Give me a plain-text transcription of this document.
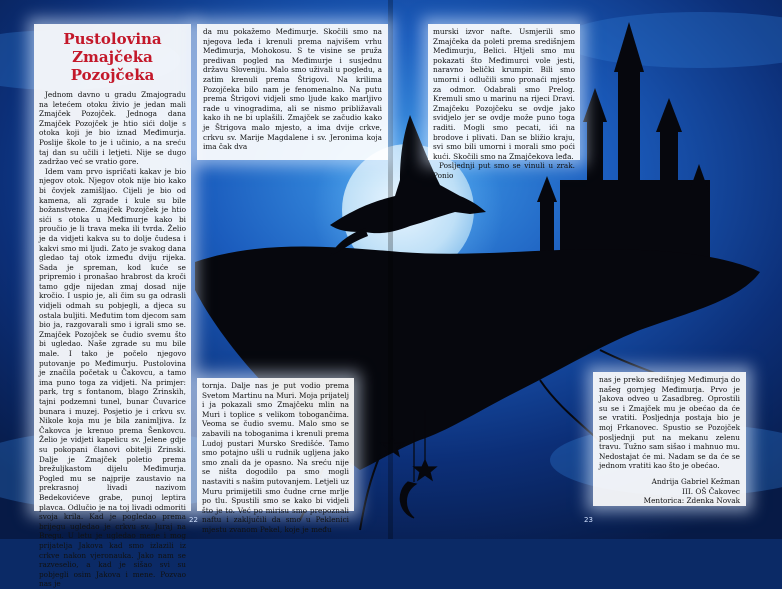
Pustolovina Zmajčeka Pozojčeka

Jednom davno u gradu Zmajogradu na letećem otoku živio je jedan mali Zmajček Pozojček. Jednoga dana Zmajček Pozojček je htio sići dolje s otoka koji je bio iznad Međimurja. Poslije škole to je i učinio, a na sreću taj dan su učili i letjeti. Nije se dugo zadržao već se vratio gore.

Idem vam prvo ispričati kakav je bio njegov otok. Njegov otok nije bio kako bi čovjek zamišljao. Cijeli je bio od kamena, ali zgrade i kule su bile božanstvene. Zmajček Pozojček je htio sići s otoka u Međimurje kako bi proučio je li trava meka ili tvrda. Želio je da vidjeti kakva su to dolje čudesa i kakvi smo mi ljudi. Zato je svakog dana gledao taj otok između dviju rijeka. Sada je spreman, kod kuće se pripremio i pronašao hrabrost da kroči tamo gdje nijedan zmaj dosad nije kročio. I uspio je, ali čim su ga odrasli vidjeli odmah su pobjegli, a djeca su ostala buljiti. Međutim tom djecom sam bio ja, razgovarali smo i igrali smo se. Zmajček Pozojček se čudio svemu što bi ugledao. Naše zgrade su mu bile male. I tako je počelo njegovo putovanje po Međimurju. Pustolovina je značila početak u Čakovcu, a tamo ima puno toga za vidjeti. Na primjer: park, trg s fontanom, blago Zrinskih, tajni podzemni tunel, bunar Čuvarice bunara i muzej. Posjetio je i crkvu sv. Nikole koja mu je bila zanimljiva. Iz Čakovca je krenuo prema Šenkovcu. Želio je vidjeti kapelicu sv. Jelene gdje su pokopani članovi obitelji Zrinski. Dalje je Zmajček poletio prema brežuljkastom dijelu Međimurja. Pogled mu se najprije zaustavio na prekrasnoj livadi nazivom Bedekovićeve grabe, punoj leptira plavca. Odlučio je na toj livadi odmoriti svoja krila. Kad je pogledao prema brijegu ugledao je crkvu sv. Juraj na Bregu. U letu je ugledao mene i mog prijatelja Jakova kad smo izlazili iz crkve nakon vjeronauka. Jako nam se razveselio, a kad je sišao svi su pobjegli osim Jakova i mene. Pozvao nas je

da mu pokažemo Međimurje. Skočili smo na njegova leđa i krenuli prema najvišem vrhu Međimurja, Mohokosu. S te visine se pruža predivan pogled na Međimurje i susjednu državu Sloveniju. Malo smo uživali u pogledu, a zatim krenuli prema Štrigovi. Na krilima Pozojčeka bilo nam je fenomenalno. Na putu prema Štrigovi vidjeli smo ljude kako marljivo rade u vinogradima, ali se nismo približavali kako ih ne bi uplašili. Zmajček se začudio kako je Štrigova malo mjesto, a ima dvije crkve, crkvu sv. Marije Magdalene i sv. Jeronima koja ima čak dva

murski izvor nafte. Usmjerili smo Zmajčeka da poleti prema središnjem Međimurju, Belici. Htjeli smo mu pokazati što Međimurci vole jesti, naravno belički krumpir. Bili smo umorni i odlučili smo pronaći mjesto za odmor. Odabrali smo Prelog. Kremuli smo u marinu na rijeci Dravi. Zmajčeku Pozojčeku se ovdje jako svidjelo jer se ovdje može puno toga raditi. Mogli smo pecati, ići na brodove i plivati. Dan se bližio kraju, svi smo bili umorni i morali smo poći kući. Skočili smo na Zmajčekova leđa.

Posljednji put smo se vinuli u zrak. Ponio

tornja. Dalje nas je put vodio prema Svetom Martinu na Muri. Moja prijatelj i ja pokazali smo Zmajčeku mlin na Muri i toplice s velikom tobogančima. Veoma se čudio svemu. Malo smo se zabavili na toboganima i krenuli prema Ludoj pustari Mursko Središće. Tamo smo potajno ušli u rudnik ugljena jako smo znali da je opasno. Na sreću nije se ništa dogodilo pa smo mogli nastaviti s našim putovanjem. Letjeli uz Muru primijetili smo čudne crne mrlje po tlu. Spustili smo se kako bi vidjeli što je to. Već po mirisu smo prepoznali naftu i zaključili da smo u Peklenici mjestu zvanom Pekel, koje je među

nas je preko središnjeg Međimurja do našeg gornjeg Međimurja. Prvo je Jakova odveo u Zasadbreg. Oprostili su se i Zmajček mu je obećao da će se vratiti. Posljednja postaja bio je moj Frkanovec. Spustio se Pozojček posljednji put na mekanu zelenu travu. Tužno sam sišao i mahnuo mu. Nedostajat će mi. Nadam se da će se jednom vratiti kao što je obećao.

Andrija Gabriel Kežman
III. OŠ Čakovec
Mentorica: Zdenka Novak
22	23
